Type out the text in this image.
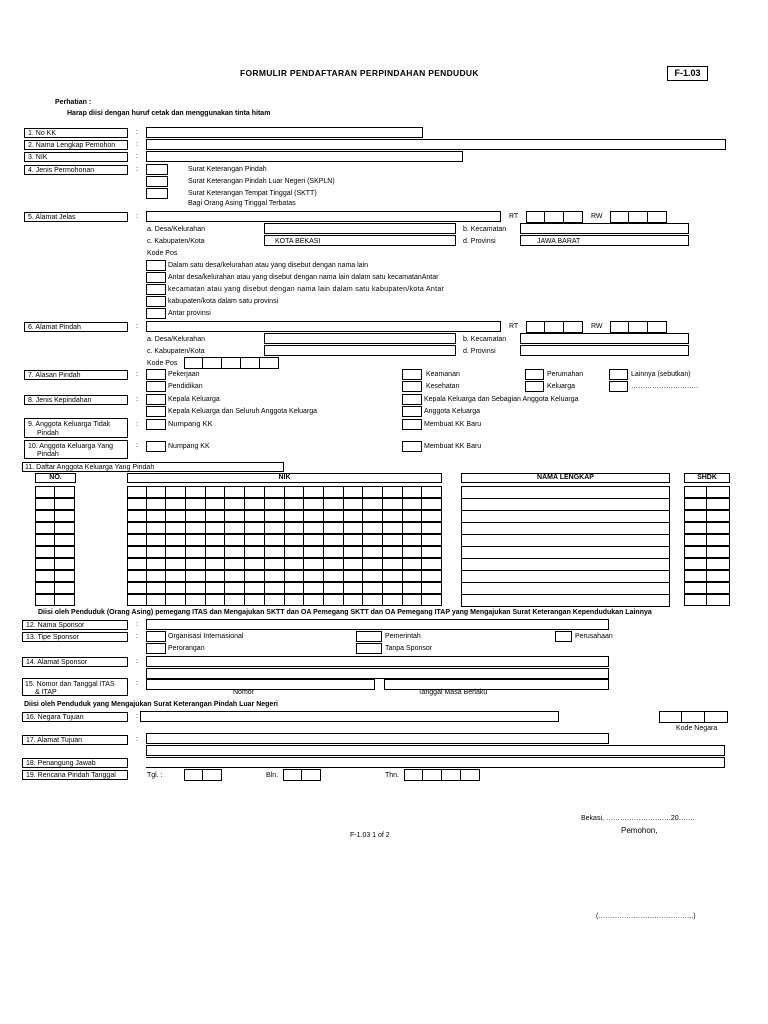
FORMULIR PENDAFTARAN PERPINDAHAN PENDUDUK	F-1.03
Perhatian :
Harap diisi dengan huruf cetak dan menggunakan tinta hitam
1. No KK	:
2. Nama Lengkap Pemohon	:
3. NIK	:
4. Jenis Permohonan	:	Surat Keterangan Pindah
Surat Keterangan Pindah Luar Negeri (SKPLN)
Surat Keterangan Tempat Tinggal (SKTT)
Bagi Orang Asing Tinggal Terbatas
5. Alamat Jelas	:	RT	RW
a. Desa/Kelurahan	b. Kecamatan
c. Kabupaten/Kota	KOTA BEKASI	d. Provinsi	JAWA BARAT
Kode Pos
Dalam satu desa/kelurahan atau yang disebut dengan nama lain
Antar desa/kelurahan atau yang disebut dengan nama lain dalam satu kecamatanAntar
kecamatan atau yang disebut dengan nama lain dalam satu kabupaten/kota Antar
kabupaten/kota dalam satu provinsi
Antar provinsi
6. Alamat Pindah	:	RT	RW
a. Desa/Kelurahan	b. Kecamatan
c. Kabupaten/Kota	d. Provinsi
Kode Pos
7. Alasan Pindah	:	Pekerjaan
Pendidikan
Keamanan
Kesehatan
Perumahan
Keluarga
Lainnya (sebutkan)
………………………..
8. Jenis Kepindahan	:	Kepala Keluarga
Kepala Keluarga dan Seluruh Anggota Keluarga
Kepala Keluarga dan Sebagian Anggota Keluarga
Anggota Keluarga
9. Anggota Keluarga Tidak
Pindah
:	Numpang KK	Membuat KK Baru
10. Anggota Keluarga Yang
Pindah
:	Numpang KK	Membuat KK Baru
11. Daftar Anggota Keluarga Yang Pindah
NO.	NIK	NAMA LENGKAP	SHDK
Diisi oleh Penduduk (Orang Asing) pemegang ITAS dan Mengajukan SKTT dan OA Pemegang SKTT dan OA Pemegang ITAP yang Mengajukan Surat Keterangan Kependudukan Lainnya
12. Nama Sponsor	:
13. Tipe Sponsor	:	Organisasi Internasional	Pemerintah	Perusahaan
Perorangan	Tanpa Sponsor
14. Alamat Sponsor	:
15. Nomor dan Tanggal ITAS
& ITAP
:
Nomor	Tanggal Masa Berlaku
Diisi oleh Penduduk yang Mengajukan Surat Keterangan Pindah Luar Negeri
16. Negara Tujuan	:
Kode Negara
17. Alamat Tujuan	:
18. Penangung Jawab
19. Rencana Pindah Tanggal	Tgl. :	Bln.	Thn.
Bekasi, ……………………….20…….
Pemohon,
F-1.03 1 of 2
(…………………………………..)
